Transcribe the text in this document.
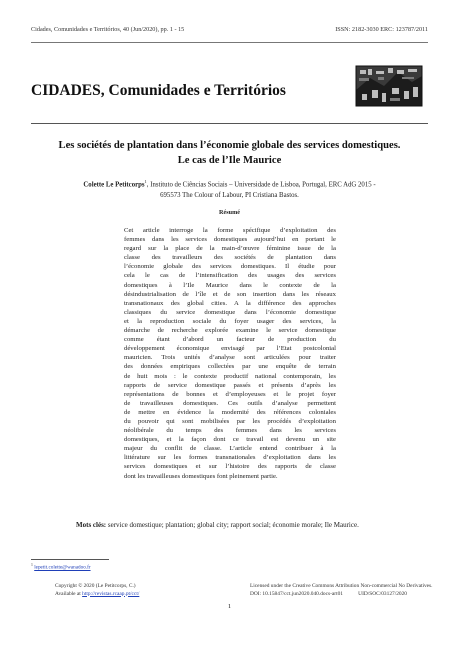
Cidades, Comunidades e Territórios, 40 (Jun/2020), pp. 1 - 15	ISSN: 2182-3030 ERC: 123787/2011
CIDADES, Comunidades e Territórios
Les sociétés de plantation dans l’économie globale des services domestiques.
Le cas de l’Ile Maurice
Colette Le Petitcorps$^1$, Instituto de Ciências Sociais – Universidade de Lisboa, Portugal, ERC AdG 2015 -
695573 The Colour of Labour, PI Cristiana Bastos.
Résumé
Cet article interroge la forme spécifique d’exploitation des
femmes dans les services domestiques aujourd’hui en portant le
regard sur la place de la main-d’œuvre féminine issue de la
classe des travailleurs des sociétés de plantation dans
l’économie globale des services domestiques. Il étudie pour
cela le cas de l’intensification des usages des services
domestiques à l’Ile Maurice dans le contexte de la
désindustrialisation de l’île et de son insertion dans les réseaux
transnationaux des global cities. A la différence des approches
classiques du service domestique dans l’économie domestique
et la reproduction sociale du foyer usager des services, la
démarche de recherche explorée examine le service domestique
comme étant d’abord un facteur de production du
développement économique envisagé par l’Etat postcolonial
mauricien. Trois unités d’analyse sont articulées pour traiter
des données empiriques collectées par une enquête de terrain
de huit mois : le contexte productif national contemporain, les
rapports de service domestique passés et présents d’après les
représentations de bonnes et d’employeuses et le projet foyer
de travailleuses domestiques. Ces outils d’analyse permettent
de mettre en évidence la modernité des références coloniales
du pouvoir qui sont mobilisées par les procédés d’exploitation
néolibérale du temps des femmes dans les services
domestiques, et la façon dont ce travail est devenu un site
majeur du conflit de classe. L’article entend contribuer à la
littérature sur les formes transnationales d’exploitation dans les
services domestiques et sur l’histoire des rapports de classe
dont les travailleuses domestiques font pleinement partie.
Mots clés: service domestique; plantation; global city; rapport social; économie morale; Ile Maurice.
$^1$ lepetit.colette@wanadoo.fr
Copyright © 2020 (Le Petitcorps, C.)
Available at http://revistas.rcaap.pt/cct/
Licensed under the Creative Commons Attribution Non-commercial No Derivatives.
DOI: 10.15847/cct.jun2020.040.docs-art01	UID/SOC/03127/2020
1
